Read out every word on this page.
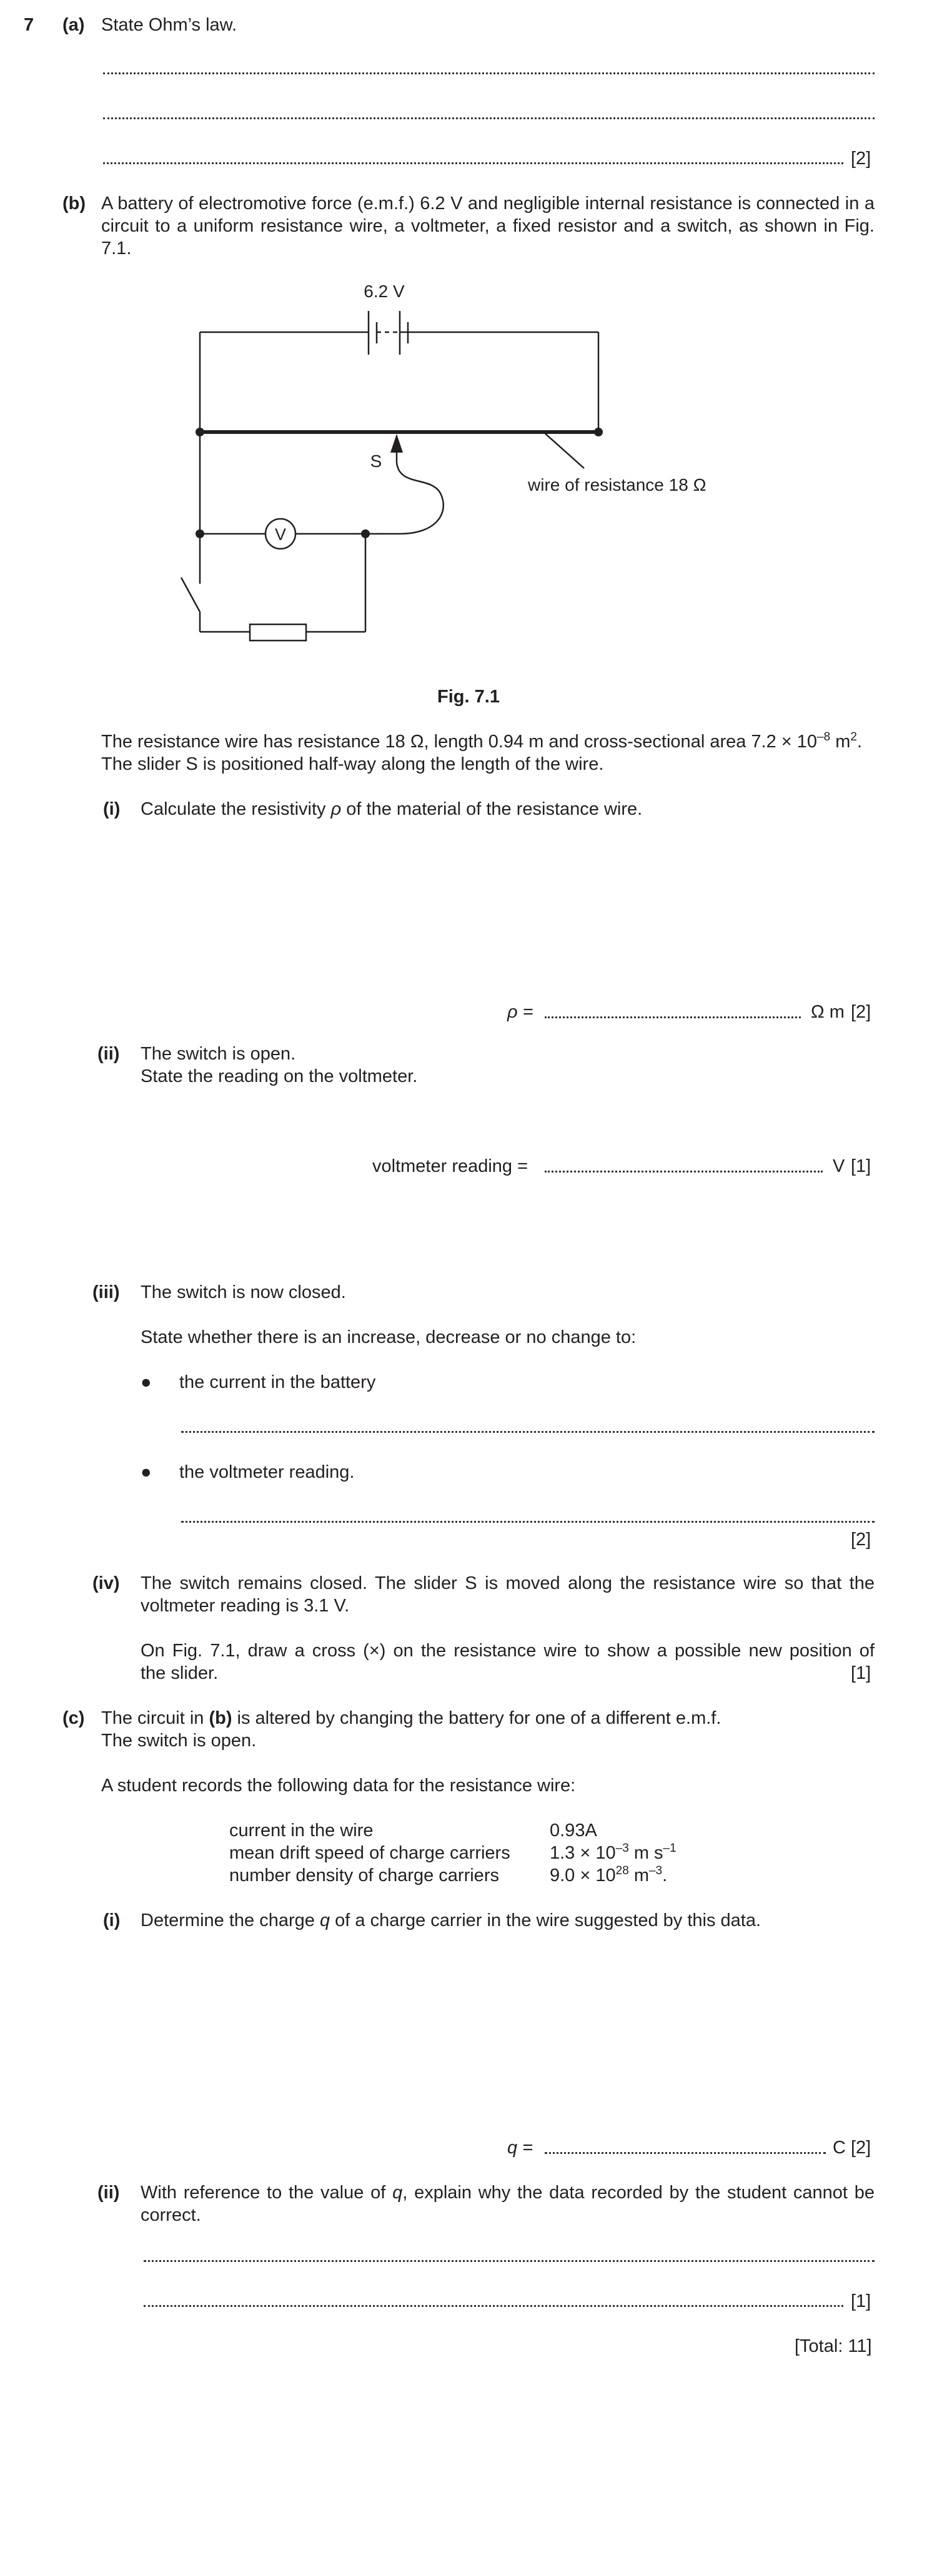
7 (a) State Ohm’s law.
[2]
(b) A battery of electromotive force (e.m.f.) 6.2 V and negligible internal resistance is connected in a circuit to a uniform resistance wire, a voltmeter, a fixed resistor and a switch, as shown in Fig. 7.1.
V
6.2 V
S
wire of resistance 18 Ω
Fig. 7.1
The resistance wire has resistance 18 Ω, length 0.94 m and cross-sectional area $7.2 \times 10^{-8}$ $m^2$.
The slider S is positioned half-way along the length of the wire.
(i) Calculate the resistivity ρ of the material of the resistance wire.
ρ =	Ω m [2]
(ii) The switch is open.
State the reading on the voltmeter.
voltmeter reading =	V [1]
(iii) The switch is now closed.
State whether there is an increase, decrease or no change to:
● the current in the battery
● the voltmeter reading.
[2]
(iv) The switch remains closed. The slider S is moved along the resistance wire so that the voltmeter reading is 3.1 V.
On Fig. 7.1, draw a cross (×) on the resistance wire to show a possible new position of
the slider.	[1]
(c) The circuit in (b) is altered by changing the battery for one of a different e.m.f.
The switch is open.
A student records the following data for the resistance wire:
current in the wire	0.93A
mean drift speed of charge carriers $1.3 \times 10^{-3}$ m $s^{-1}$
number density of charge carriers	$9.0 \times 10^{28}$ $m^{-3}$.
(i) Determine the charge q of a charge carrier in the wire suggested by this data.
q =	C [2]
(ii) With reference to the value of q, explain why the data recorded by the student cannot be correct.
[1]
[Total: 11]
